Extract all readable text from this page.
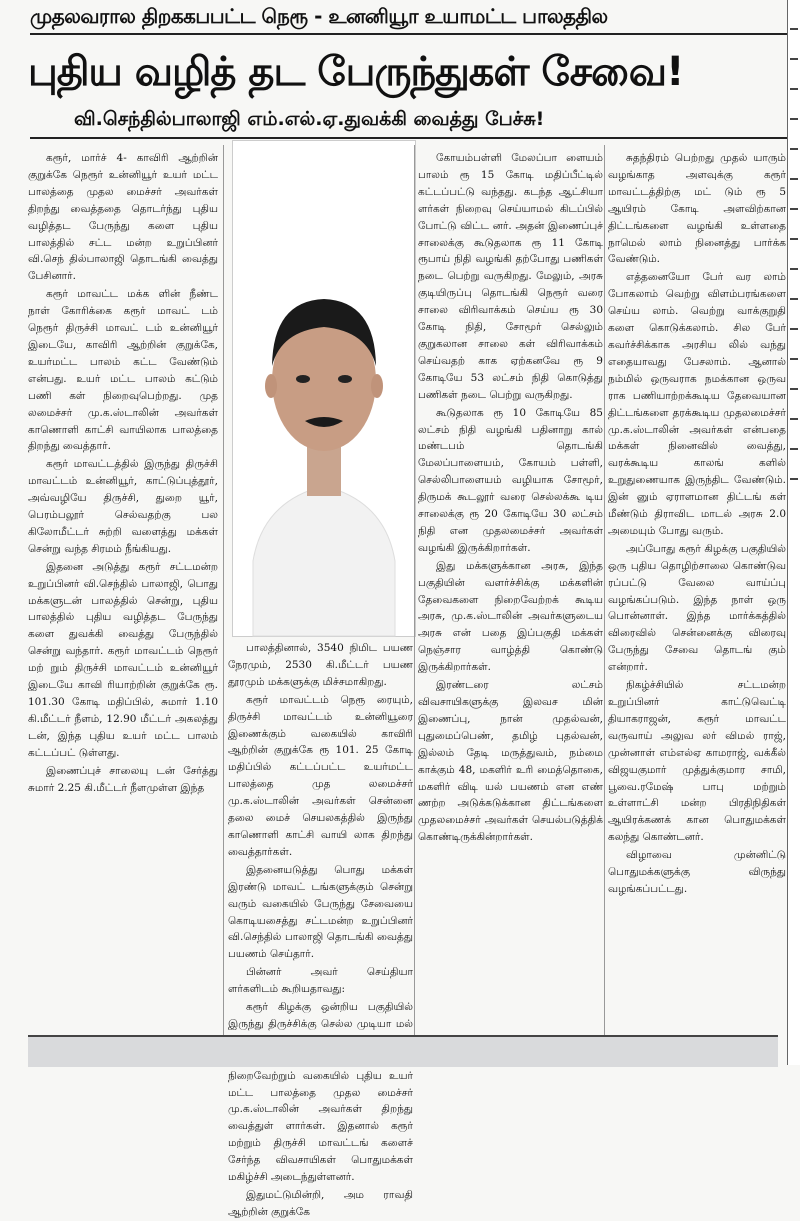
முதலவரால திறககபபட்ட நெரூ - உனனியூா உயாமட்ட பாலததில
புதிய வழித் தட பேருந்துகள் சேவை!
வி.செந்தில்பாலாஜி எம்.எல்.ஏ.துவக்கி வைத்து பேச்சு!

கரூர், மார்ச் 4- காவிரி ஆற்றின் குறுக்கே நெரூர் உன்னியூர் உயர் மட்ட பாலத்தை முதல மைச்சர் அவர்கள் திறந்து வைத்ததை தொடர்ந்து புதிய வழித்தட பேருந்து களை புதிய பாலத்தில் சட்ட மன்ற உறுப்பினர் வி.செந் தில்பாலாஜி தொடங்கி வைத்து பேசினார்.

கரூர் மாவட்ட மக்க ளின் நீண்ட நாள் கோரிக்கை கரூர் மாவட் டம் நெரூர் திருச்சி மாவட் டம் உன்னியூர் இடையே, காவிரி ஆற்றின் குறுக்கே, உயர்மட்ட பாலம் கட்ட வேண்டும் என்பது. உயர் மட்ட பாலம் கட்டும் பணி கள் நிறைவுபெற்றது. முத லமைச்சர் மு.க.ஸ்டாலின் அவர்கள் காணொளி காட்சி வாயிலாக பாலத்தை திறந்து வைத்தார்.

கரூர் மாவட்டத்தில் இருந்து திருச்சி மாவட்டம் உன்னியூர், காட்டுப்புத்தூர், அவ்வழியே திருச்சி, துறை யூர், பெரம்பலூர் செல்வதற்கு பல கிலோமீட்டர் சுற்றி வளைத்து மக்கள் சென்று வந்த சிரமம் நீங்கியது.

இதனை அடுத்து கரூர் சட்டமன்ற உறுப்பினர் வி.செந்தில் பாலாஜி, பொது மக்களுடன் பாலத்தில் சென்று, புதிய பாலத்தில் புதிய வழித்தட பேருந்து களை துவக்கி வைத்து பேருந்தில் சென்று வந்தார். கரூர் மாவட்டம் நெரூர் மற் றும் திருச்சி மாவட்டம் உன்னியூர் இடையே காவி ரியாற்றின் குறுக்கே ரூ. 101.30 கோடி மதிப்பில், சுமார் 1.10 கி.மீட்டர் நீளம், 12.90 மீட்டர் அகலத்து டன், இந்த புதிய உயர் மட்ட பாலம் கட்டப்பட் டுள்ளது.

இணைப்புச் சாலையு டன் சேர்த்து சுமார் 2.25 கி.மீட்டர் நீளமுள்ள இந்த

பாலத்தினால், 3540 நிமிட பயண நேரமும், 2530 கி.மீட்டர் பயண தூரமும் மக்களுக்கு மிச்சமாகிறது.

கரூர் மாவட்டம் நெரூ ரையும், திருச்சி மாவட்டம் உன்னியூரை இணைக்கும் வகையில் காவிரி ஆற்றின் குறுக்கே ரூ 101. 25 கோடி மதிப்பில் கட்டப்பட்ட உயர்மட்ட பாலத்தை முத லமைச்சர் மு.க.ஸ்டாலின் அவர்கள் சென்னை தலை மைச் செயலகத்தில் இருந்து காணொளி காட்சி வாயி லாக திறந்து வைத்தார்கள்.

இதனையடுத்து பொது மக்கள் இரண்டு மாவட் டங்களுக்கும் சென்று வரும் வகையில் பேருந்து சேவையை கொடியசைத்து சட்டமன்ற உறுப்பினர் வி.செந்தில் பாலாஜி தொடங்கி வைத்து பயணம் செய்தார்.

பின்னர் அவர் செய்தியா ளர்களிடம் கூறியதாவது:

கரூர் கிழக்கு ஒன்றிய பகுதியில் இருந்து திருச்சிக்கு செல்ல முடியா மல்

நிறைவேற்றும் வகையில் புதிய உயர் மட்ட பாலத்தை முதல மைச்சர் மு.க.ஸ்டாலின் அவர்கள் திறந்து வைத்துள் ளார்கள். இதனால் கரூர் மற்றும் திருச்சி மாவட்டங் களைச் சேர்ந்த விவசாயிகள் பொதுமக்கள் மகிழ்ச்சி அடைந்துள்ளனர்.

இதுமட்டுமின்றி, அம ராவதி ஆற்றின் குறுக்கே

கோயம்பள்ளி மேலப்பா ளையம் பாலம் ரூ 15 கோடி மதிப்பீட்டில் கட்டப்பட்டு வந்தது. கடந்த ஆட்சியா ளர்கள் நிறைவு செய்யாமல் கிடப்பில் போட்டு விட்ட னர். அதன் இணைப்புச் சாலைக்கு கூடுதலாக ரூ 11 கோடி ரூபாய் நிதி வழங்கி தற்போது பணிகள் நடை பெற்று வருகிறது. மேலும், அரசு குடியிருப்பு தொடங்கி நெரூர் வரை சாலை விரிவாக்கம் செய்ய ரூ 30 கோடி நிதி, சோமூர் செல்லும் குறுகலான சாலை கள் விரிவாக்கம் செய்வதற் காக ஏற்கனவே ரூ 9 கோடியே 53 லட்சம் நிதி கொடுத்து பணிகள் நடை பெற்று வருகிறது.

கூடுதலாக ரூ 10 கோடியே 85 லட்சம் நிதி வழங்கி பதினாறு கால் மண்டபம் தொடங்கி மேலப்பாளையம், கோயம் பள்ளி, செல்லிபாளையம் வழியாக சோமூர், திருமக் கூடலூர் வரை செல்லக்கூ டிய சாலைக்கு ரூ 20 கோடியே 30 லட்சம் நிதி என முதலமைச்சர் அவர்கள் வழங்கி இருக்கிறார்கள்.

இது மக்களுக்கான அரசு, இந்த பகுதியின் வளர்ச்சிக்கு மக்களின் தேவைகளை நிறைவேற்றக் கூடிய அரசு, மு.க.ஸ்டாலின் அவர்களுடைய அரசு என் பதை இப்பகுதி மக்கள் நெஞ்சார வாழ்த்தி கொண்டு இருக்கிறார்கள்.

இரண்டரை லட்சம் விவசாயிகளுக்கு இலவச மின் இணைப்பு, நான் முதல்வன், புதுமைப்பெண், தமிழ் புதல்வன், இல்லம் தேடி மருத்துவம், நம்மை காக்கும் 48, மகளிர் உரி மைத்தொகை, மகளிர் விடி யல் பயணம் என எண் ணற்ற அடுக்கடுக்கான திட்டங்களை முதலமைச்சர் அவர்கள் செயல்படுத்திக் கொண்டிருக்கின்றார்கள்.

சுதந்திரம் பெற்றது முதல் யாரும் வழங்காத அளவுக்கு கரூர் மாவட்டத்திற்கு மட் டும் ரூ 5 ஆயிரம் கோடி அளவிற்கான திட்டங்களை வழங்கி உள்ளதை நாமெல் லாம் நினைத்து பார்க்க வேண்டும்.

எத்தனையோ பேர் வர லாம் போகலாம் வெற்று விளம்பரங்களை செய்ய லாம். வெற்று வாக்குறுதி களை கொடுக்கலாம். சில பேர் கவர்ச்சிக்காக அரசிய லில் வந்து எதையாவது பேசலாம். ஆனால் நம்மில் ஒருவராக நமக்கான ஒருவ ராக பணியாற்றக்கூடிய தேவையான திட்டங்களை தரக்கூடிய முதலமைச்சர் மு.க.ஸ்டாலின் அவர்கள் என்பதை மக்கள் நினைவில் வைத்து, வரக்கூடிய காலங் களில் உறுதுணையாக இருந்திட வேண்டும். இன் னும் ஏராளமான திட்டங் கள் மீண்டும் திராவிட மாடல் அரசு 2.0 அமையும் போது வரும்.

அப்போது கரூர் கிழக்கு பகுதியில் ஒரு புதிய தொழிற்சாலை கொண்டுவ ரப்பட்டு வேலை வாய்ப்பு வழங்கப்படும். இந்த நாள் ஒரு பொன்னாள். இந்த மார்க்கத்தில் விரைவில் சென்னைக்கு விரைவு பேருந்து சேவை தொடங் கும் என்றார்.

நிகழ்ச்சியில் சட்டமன்ற உறுப்பினர் காட்டுவெட்டி தியாகராஜன், கரூர் மாவட்ட வருவாய் அலுவ லர் விமல் ராஜ், முன்னாள் எம்எல்ஏ காமராஜ், வக்கீல் விஜயகுமார் முத்துக்குமார சாமி, பூவை.ரமேஷ் பாபு மற்றும் உள்ளாட்சி மன்ற பிரதிநிதிகள் ஆயிரக்கணக் கான பொதுமக்கள் கலந்து கொண்டனர்.

விழாவை முன்னிட்டு பொதுமக்களுக்கு விருந்து வழங்கப்பட்டது.
